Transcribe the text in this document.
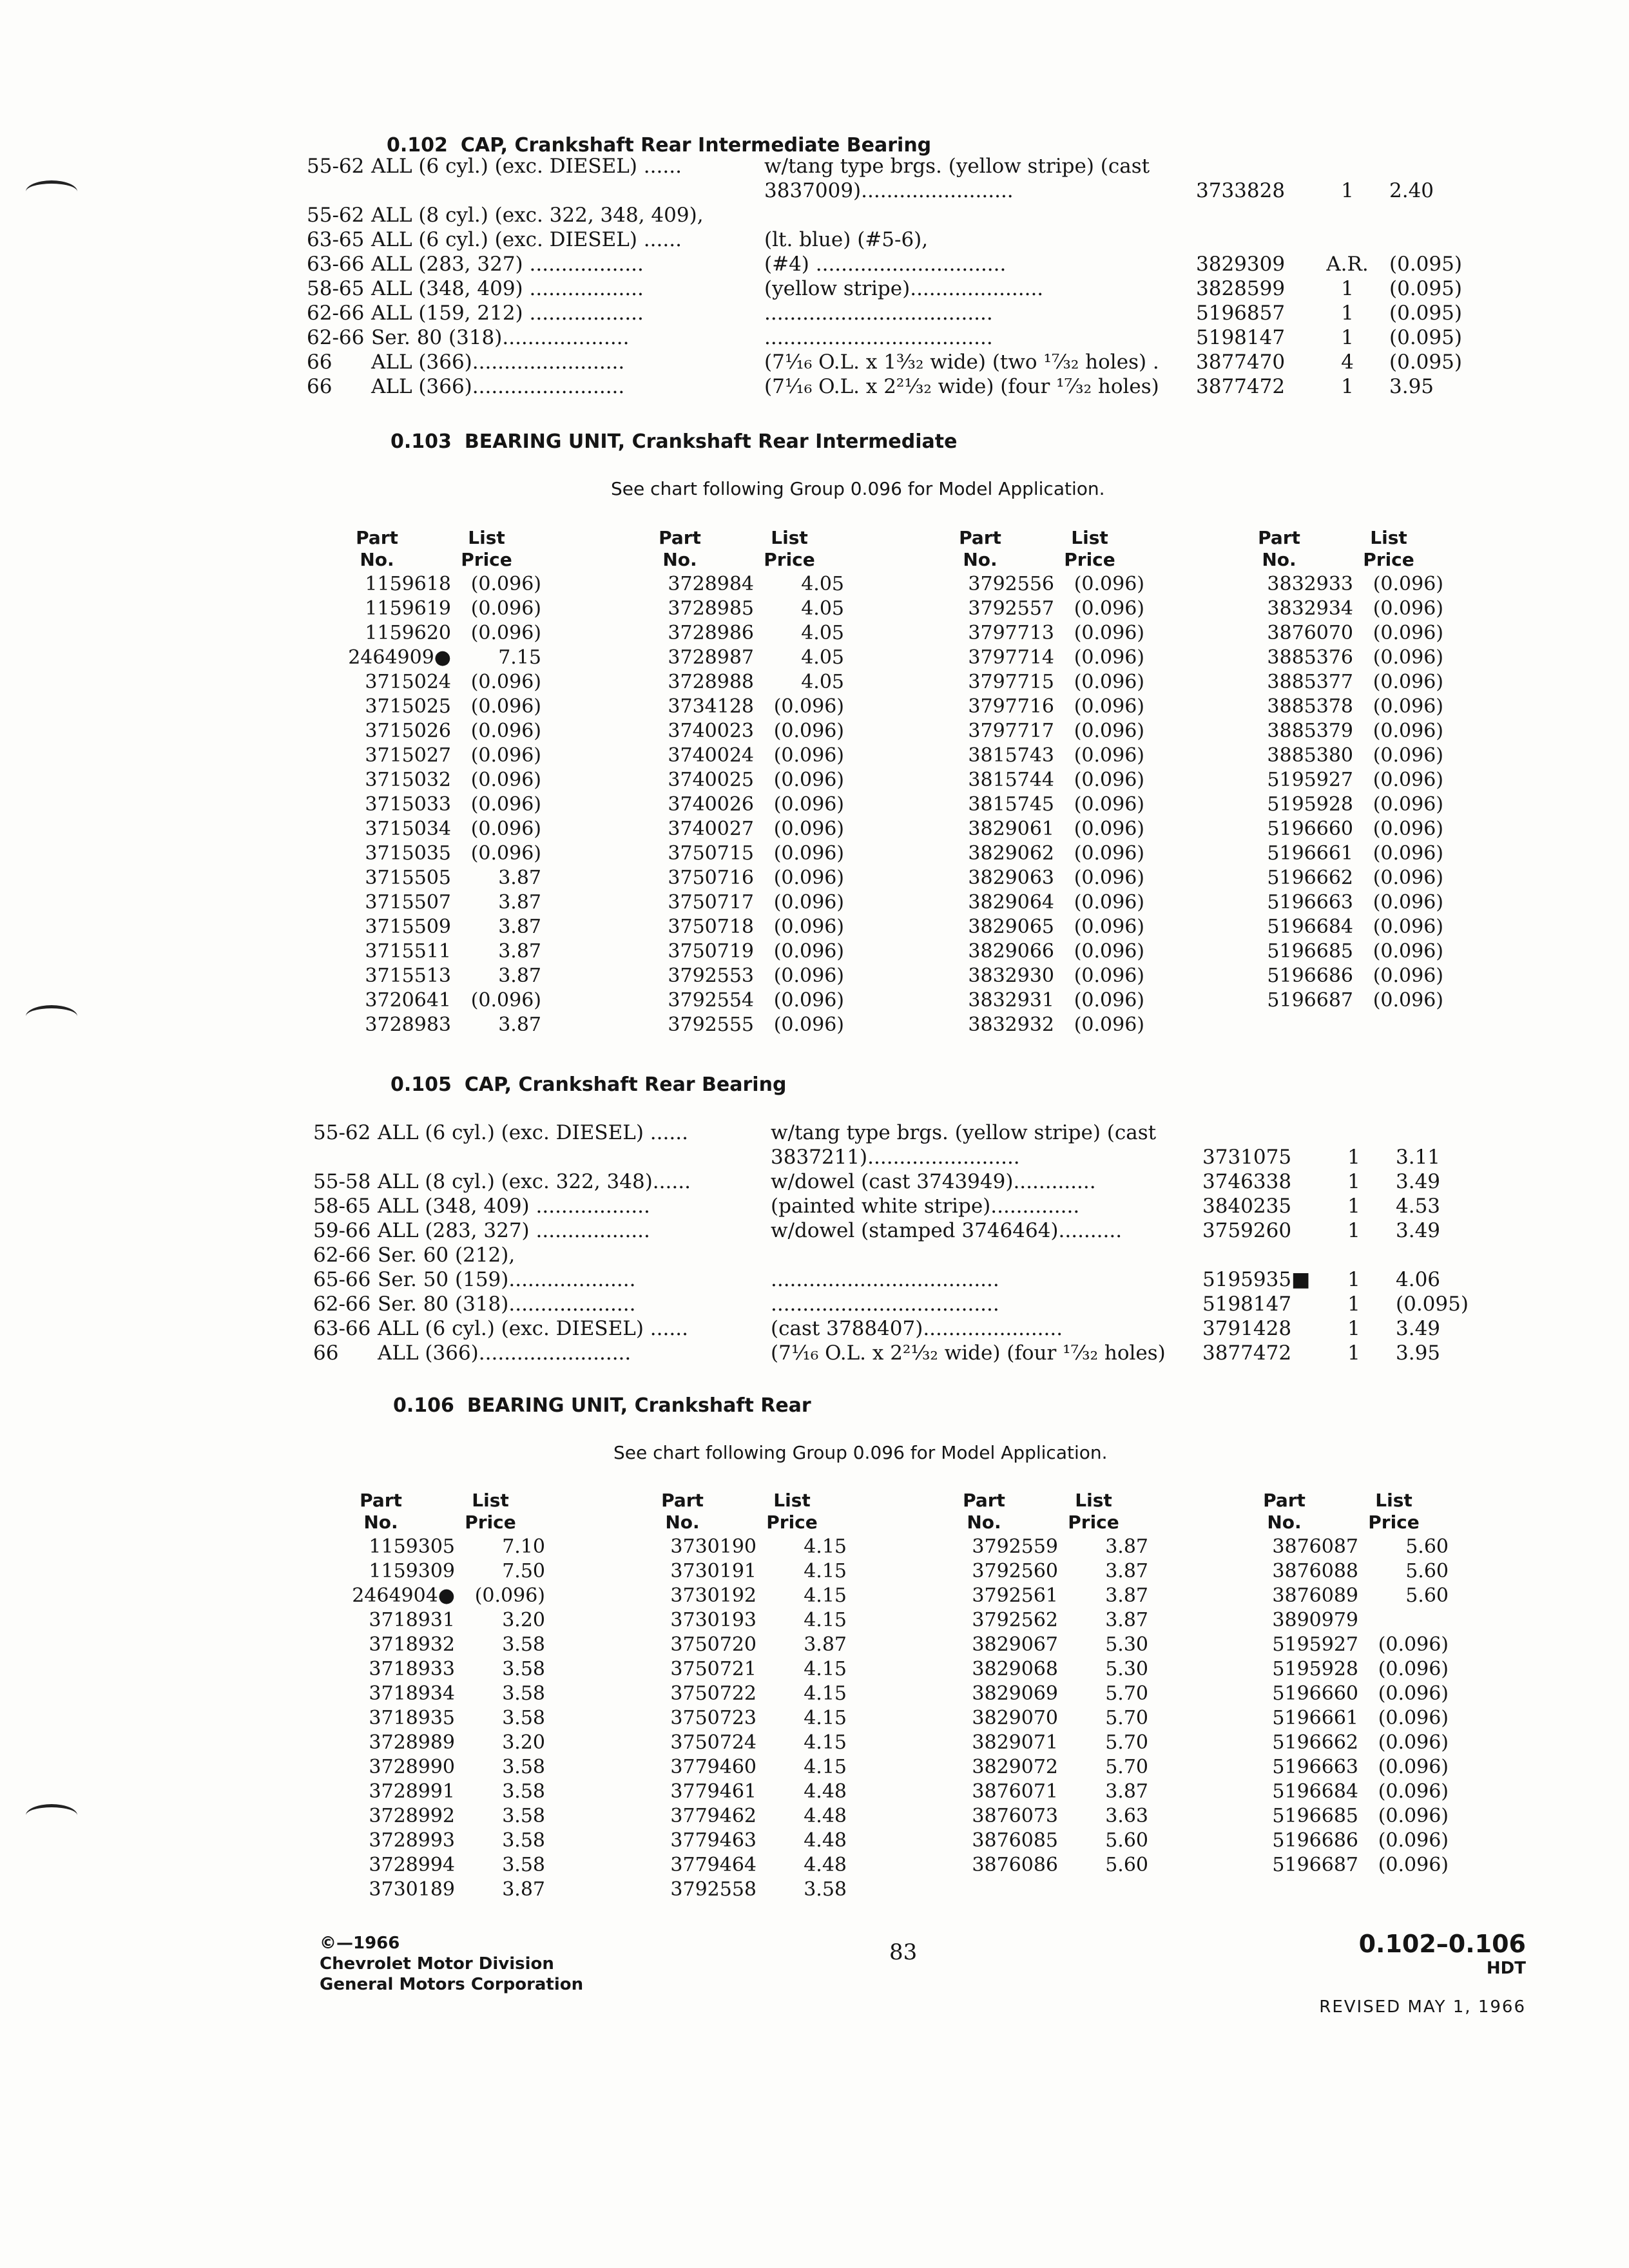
0.102 CAP, Crankshaft Rear Intermediate Bearing
55-62 ALL (6 cyl.) (exc. DIESEL) ......	w/tang type brgs. (yellow stripe) (cast
3837009)........................	3733828	1	2.40
55-62 ALL (8 cyl.) (exc. 322, 348, 409),
63-65 ALL (6 cyl.) (exc. DIESEL) ......	(lt. blue) (#5-6),
63-66 ALL (283, 327) ..................	(#4) ..............................	3829309	A.R.	(0.095)
58-65 ALL (348, 409) ..................	(yellow stripe).....................	3828599	1	(0.095)
62-66 ALL (159, 212) ..................	....................................	5196857	1	(0.095)
62-66 Ser. 80 (318)....................	....................................	5198147	1	(0.095)
66 ALL (366)........................	(7¹⁄₁₆ O.L. x 1³⁄₃₂ wide) (two ¹⁷⁄₃₂ holes) . 3877470	4	(0.095)
66 ALL (366)........................	(7¹⁄₁₆ O.L. x 2²¹⁄₃₂ wide) (four ¹⁷⁄₃₂ holes) 3877472	1	3.95
0.103 BEARING UNIT, Crankshaft Rear Intermediate
See chart following Group 0.096 for Model Application.
Part
No.
List
Price
1159618	(0.096)
1159619	(0.096)
1159620	(0.096)
2464909●	7.15
3715024	(0.096)
3715025	(0.096)
3715026	(0.096)
3715027	(0.096)
3715032	(0.096)
3715033	(0.096)
3715034	(0.096)
3715035	(0.096)
3715505	3.87
3715507	3.87
3715509	3.87
3715511	3.87
3715513	3.87
3720641	(0.096)
3728983	3.87
Part
No.
List
Price
3728984	4.05
3728985	4.05
3728986	4.05
3728987	4.05
3728988	4.05
3734128	(0.096)
3740023	(0.096)
3740024	(0.096)
3740025	(0.096)
3740026	(0.096)
3740027	(0.096)
3750715	(0.096)
3750716	(0.096)
3750717	(0.096)
3750718	(0.096)
3750719	(0.096)
3792553	(0.096)
3792554	(0.096)
3792555	(0.096)
Part
No.
List
Price
3792556	(0.096)
3792557	(0.096)
3797713	(0.096)
3797714	(0.096)
3797715	(0.096)
3797716	(0.096)
3797717	(0.096)
3815743	(0.096)
3815744	(0.096)
3815745	(0.096)
3829061	(0.096)
3829062	(0.096)
3829063	(0.096)
3829064	(0.096)
3829065	(0.096)
3829066	(0.096)
3832930	(0.096)
3832931	(0.096)
3832932	(0.096)
Part
No.
List
Price
3832933	(0.096)
3832934	(0.096)
3876070	(0.096)
3885376	(0.096)
3885377	(0.096)
3885378	(0.096)
3885379	(0.096)
3885380	(0.096)
5195927	(0.096)
5195928	(0.096)
5196660	(0.096)
5196661	(0.096)
5196662	(0.096)
5196663	(0.096)
5196684	(0.096)
5196685	(0.096)
5196686	(0.096)
5196687	(0.096)
0.105 CAP, Crankshaft Rear Bearing
55-62 ALL (6 cyl.) (exc. DIESEL) ......	w/tang type brgs. (yellow stripe) (cast
3837211)........................	3731075	1	3.11
55-58 ALL (8 cyl.) (exc. 322, 348)......	w/dowel (cast 3743949).............	3746338	1	3.49
58-65 ALL (348, 409) ..................	(painted white stripe)..............	3840235	1	4.53
59-66 ALL (283, 327) ..................	w/dowel (stamped 3746464)..........	3759260	1	3.49
62-66 Ser. 60 (212),
65-66 Ser. 50 (159)....................	....................................	5195935■	1	4.06
62-66 Ser. 80 (318)....................	....................................	5198147	1	(0.095)
63-66 ALL (6 cyl.) (exc. DIESEL) ......	(cast 3788407)......................	3791428	1	3.49
66 ALL (366)........................	(7¹⁄₁₆ O.L. x 2²¹⁄₃₂ wide) (four ¹⁷⁄₃₂ holes) 3877472	1	3.95
0.106 BEARING UNIT, Crankshaft Rear
See chart following Group 0.096 for Model Application.
Part
No.
List
Price
1159305	7.10
1159309	7.50
2464904●	(0.096)
3718931	3.20
3718932	3.58
3718933	3.58
3718934	3.58
3718935	3.58
3728989	3.20
3728990	3.58
3728991	3.58
3728992	3.58
3728993	3.58
3728994	3.58
3730189	3.87
Part
No.
List
Price
3730190	4.15
3730191	4.15
3730192	4.15
3730193	4.15
3750720	3.87
3750721	4.15
3750722	4.15
3750723	4.15
3750724	4.15
3779460	4.15
3779461	4.48
3779462	4.48
3779463	4.48
3779464	4.48
3792558	3.58
Part
No.
List
Price
3792559	3.87
3792560	3.87
3792561	3.87
3792562	3.87
3829067	5.30
3829068	5.30
3829069	5.70
3829070	5.70
3829071	5.70
3829072	5.70
3876071	3.87
3876073	3.63
3876085	5.60
3876086	5.60
Part
No.
List
Price
3876087	5.60
3876088	5.60
3876089	5.60
3890979
5195927	(0.096)
5195928	(0.096)
5196660	(0.096)
5196661	(0.096)
5196662	(0.096)
5196663	(0.096)
5196684	(0.096)
5196685	(0.096)
5196686	(0.096)
5196687	(0.096)
©—1966
Chevrolet Motor Division
General Motors Corporation
83	0.102–0.106
HDT
REVISED MAY 1, 1966
